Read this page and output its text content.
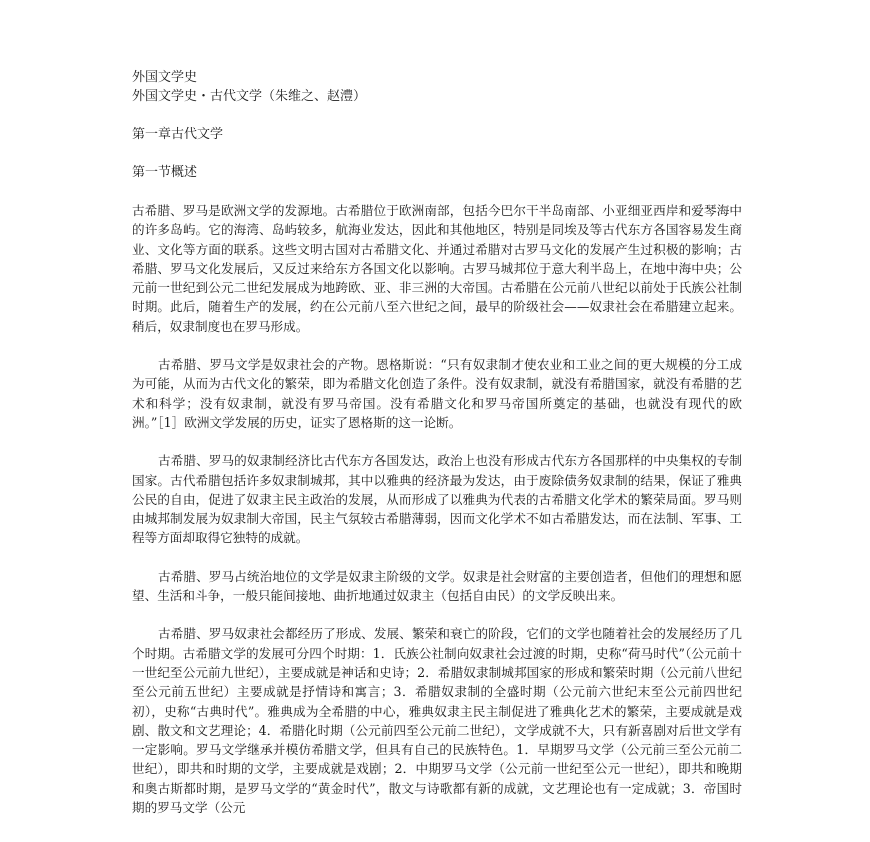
外国文学史
外国文学史・古代文学（朱维之、赵澧）
第一章古代文学
第一节概述

古希腊、罗马是欧洲文学的发源地。古希腊位于欧洲南部，包括今巴尔干半岛南部、小亚细亚西岸和爱琴海中的许多岛屿。它的海湾、岛屿较多，航海业发达，因此和其他地区，特别是同埃及等古代东方各国容易发生商业、文化等方面的联系。这些文明古国对古希腊文化、并通过希腊对古罗马文化的发展产生过积极的影响；古希腊、罗马文化发展后，又反过来给东方各国文化以影响。古罗马城邦位于意大利半岛上，在地中海中央；公元前一世纪到公元二世纪发展成为地跨欧、亚、非三洲的大帝国。古希腊在公元前八世纪以前处于氏族公社制时期。此后，随着生产的发展，约在公元前八至六世纪之间，最早的阶级社会——奴隶社会在希腊建立起来。稍后，奴隶制度也在罗马形成。

古希腊、罗马文学是奴隶社会的产物。恩格斯说：“只有奴隶制才使农业和工业之间的更大规模的分工成为可能，从而为古代文化的繁荣，即为希腊文化创造了条件。没有奴隶制，就没有希腊国家，就没有希腊的艺术和科学；没有奴隶制，就没有罗马帝国。没有希腊文化和罗马帝国所奠定的基础，也就没有现代的欧洲。”［1］欧洲文学发展的历史，证实了恩格斯的这一论断。

古希腊、罗马的奴隶制经济比古代东方各国发达，政治上也没有形成古代东方各国那样的中央集权的专制国家。古代希腊包括许多奴隶制城邦，其中以雅典的经济最为发达，由于废除债务奴隶制的结果，保证了雅典公民的自由，促进了奴隶主民主政治的发展，从而形成了以雅典为代表的古希腊文化学术的繁荣局面。罗马则由城邦制发展为奴隶制大帝国，民主气氛较古希腊薄弱，因而文化学术不如古希腊发达，而在法制、军事、工程等方面却取得它独特的成就。

古希腊、罗马占统治地位的文学是奴隶主阶级的文学。奴隶是社会财富的主要创造者，但他们的理想和愿望、生活和斗争，一般只能间接地、曲折地通过奴隶主（包括自由民）的文学反映出来。

古希腊、罗马奴隶社会都经历了形成、发展、繁荣和衰亡的阶段，它们的文学也随着社会的发展经历了几个时期。古希腊文学的发展可分四个时期：1．氏族公社制向奴隶社会过渡的时期，史称“荷马时代”（公元前十一世纪至公元前九世纪），主要成就是神话和史诗；2．希腊奴隶制城邦国家的形成和繁荣时期（公元前八世纪至公元前五世纪）主要成就是抒情诗和寓言；3．希腊奴隶制的全盛时期（公元前六世纪末至公元前四世纪初），史称“古典时代”。雅典成为全希腊的中心，雅典奴隶主民主制促进了雅典化艺术的繁荣，主要成就是戏剧、散文和文艺理论；4．希腊化时期（公元前四至公元前二世纪），文学成就不大，只有新喜剧对后世文学有一定影响。罗马文学继承并模仿希腊文学，但具有自己的民族特色。1．早期罗马文学（公元前三至公元前二世纪），即共和时期的文学，主要成就是戏剧；2．中期罗马文学（公元前一世纪至公元一世纪），即共和晚期和奥古斯都时期，是罗马文学的“黄金时代”，散文与诗歌都有新的成就，文艺理论也有一定成就；3．帝国时期的罗马文学（公元
